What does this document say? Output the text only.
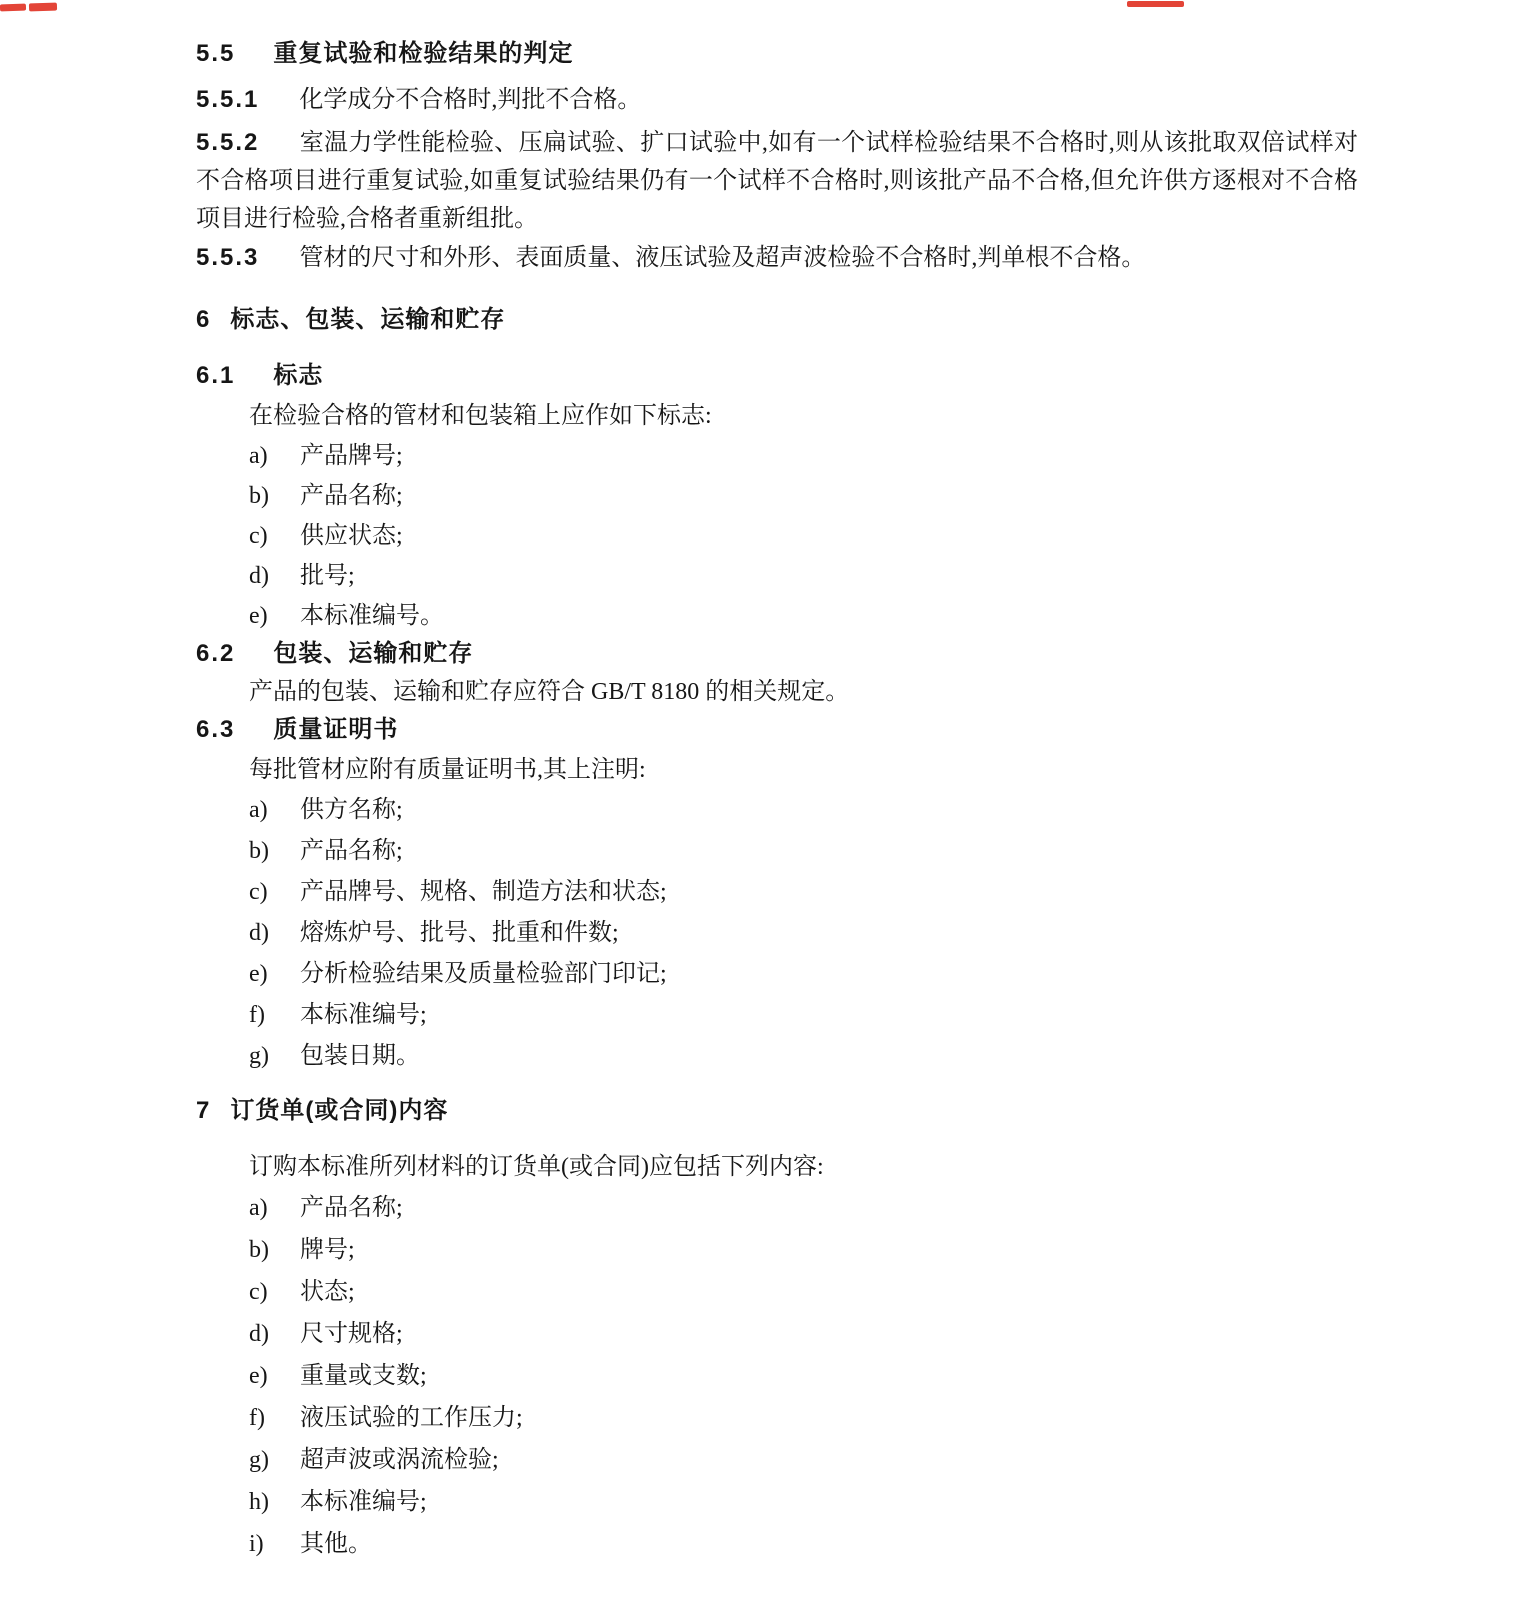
5.5 重复试验和检验结果的判定

5.5.1 化学成分不合格时,判批不合格。

5.5.2 室温力学性能检验、压扁试验、扩口试验中,如有一个试样检验结果不合格时,则从该批取双倍试样对不合格项目进行重复试验,如重复试验结果仍有一个试样不合格时,则该批产品不合格,但允许供方逐根对不合格项目进行检验,合格者重新组批。

5.5.3 管材的尺寸和外形、表面质量、液压试验及超声波检验不合格时,判单根不合格。

6 标志、包装、运输和贮存
6.1 标志

在检验合格的管材和包装箱上应作如下标志:

a) 产品牌号;

b) 产品名称;

c) 供应状态;

d) 批号;

e) 本标准编号。

6.2 包装、运输和贮存

产品的包装、运输和贮存应符合 GB/T 8180 的相关规定。

6.3 质量证明书

每批管材应附有质量证明书,其上注明:

a) 供方名称;

b) 产品名称;

c) 产品牌号、规格、制造方法和状态;

d) 熔炼炉号、批号、批重和件数;

e) 分析检验结果及质量检验部门印记;

f) 本标准编号;

g) 包装日期。

7 订货单(或合同)内容

订购本标准所列材料的订货单(或合同)应包括下列内容:

a) 产品名称;

b) 牌号;

c) 状态;

d) 尺寸规格;

e) 重量或支数;

f) 液压试验的工作压力;

g) 超声波或涡流检验;

h) 本标准编号;

i) 其他。
